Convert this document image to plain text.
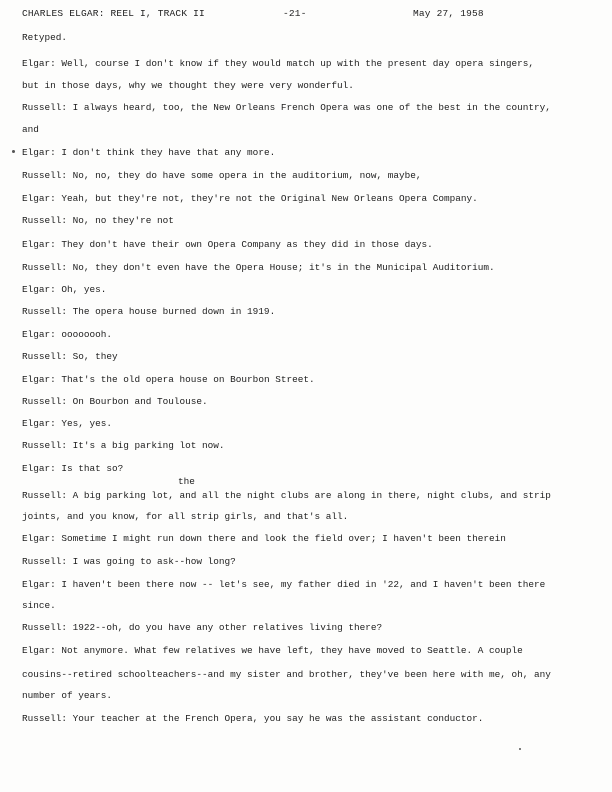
CHARLES ELGAR: REEL I, TRACK II	-21-	May 27, 1958
Retyped.
Elgar: Well, course I don't know if they would match up with the present day opera singers,
but in those days, why we thought they were very wonderful.
Russell: I always heard, too, the New Orleans French Opera was one of the best in the country,
and
Elgar: I don't think they have that any more.
Russell: No, no, they do have some opera in the auditorium, now, maybe,
Elgar: Yeah, but they're not, they're not the Original New Orleans Opera Company.
Russell: No, no they're not
Elgar: They don't have their own Opera Company as they did in those days.
Russell: No, they don't even have the Opera House; it's in the Municipal Auditorium.
Elgar: Oh, yes.
Russell: The opera house burned down in 1919.
Elgar: oooooooh.
Russell: So, they
Elgar: That's the old opera house on Bourbon Street.
Russell: On Bourbon and Toulouse.
Elgar: Yes, yes.
Russell: It's a big parking lot now.
Elgar: Is that so?
Russell: A big parking lot, and all the night clubs are along in there, night clubs, and strip
joints, and you know, for all strip girls, and that's all.
Elgar: Sometime I might run down there and look the field over; I haven't been therein
Russell: I was going to ask--how long?
Elgar: I haven't been there now -- let's see, my father died in '22, and I haven't been there
since.
Russell: 1922--oh, do you have any other relatives living there?
Elgar: Not anymore. What few relatives we have left, they have moved to Seattle. A couple
cousins--retired schoolteachers--and my sister and brother, they've been here with me, oh, any
number of years.
Russell: Your teacher at the French Opera, you say he was the assistant conductor.
the
